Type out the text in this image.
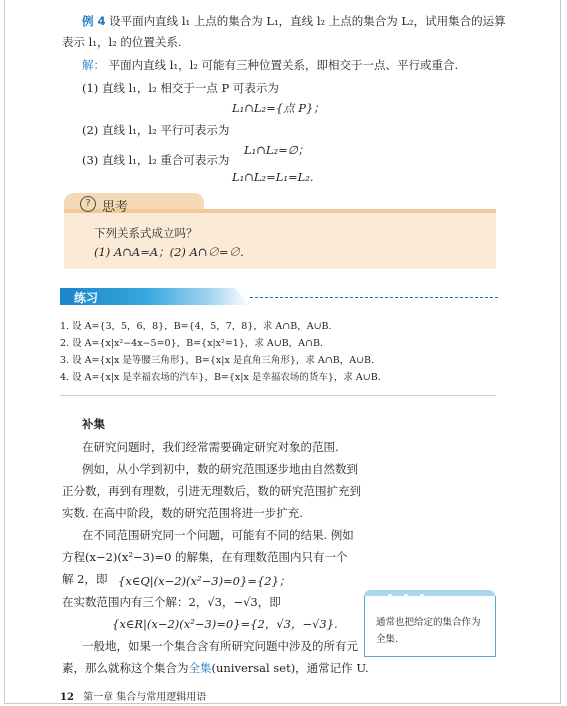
例 4 设平面内直线 l₁ 上点的集合为 L₁，直线 l₂ 上点的集合为 L₂，试用集合的运算
表示 l₁，l₂ 的位置关系.
解： 平面内直线 l₁，l₂ 可能有三种位置关系，即相交于一点、平行或重合.
(1) 直线 l₁，l₂ 相交于一点 P 可表示为
L₁∩L₂={点 P}；
(2) 直线 l₁，l₂ 平行可表示为
L₁∩L₂=∅；
(3) 直线 l₁，l₂ 重合可表示为
L₁∩L₂=L₁=L₂.
? 思考
下列关系式成立吗？
(1) A∩A=A；(2) A∩∅=∅.
练习
1. 设 A={3，5，6，8}，B={4，5，7，8}，求 A∩B，A∪B.
2. 设 A={x|x²−4x−5=0}，B={x|x²=1}，求 A∪B，A∩B.
3. 设 A={x|x 是等腰三角形}，B={x|x 是直角三角形}，求 A∩B，A∪B.
4. 设 A={x|x 是幸福农场的汽车}，B={x|x 是幸福农场的货车}，求 A∪B.
补集
在研究问题时，我们经常需要确定研究对象的范围.
例如，从小学到初中，数的研究范围逐步地由自然数到
正分数，再到有理数，引进无理数后，数的研究范围扩充到
实数. 在高中阶段，数的研究范围将进一步扩充.
在不同范围研究同一个问题，可能有不同的结果. 例如
方程(x−2)(x²−3)=0 的解集，在有理数范围内只有一个
解 2，即 {x∈Q|(x−2)(x²−3)=0}={2}；
在实数范围内有三个解：2，√3，−√3，即
{x∈R|(x−2)(x²−3)=0}={2，√3，−√3}.
一般地，如果一个集合含有所研究问题中涉及的所有元
素，那么就称这个集合为全集(universal set)，通常记作 U.
通常也把给定的集合作为全集.
12 第一章 集合与常用逻辑用语
